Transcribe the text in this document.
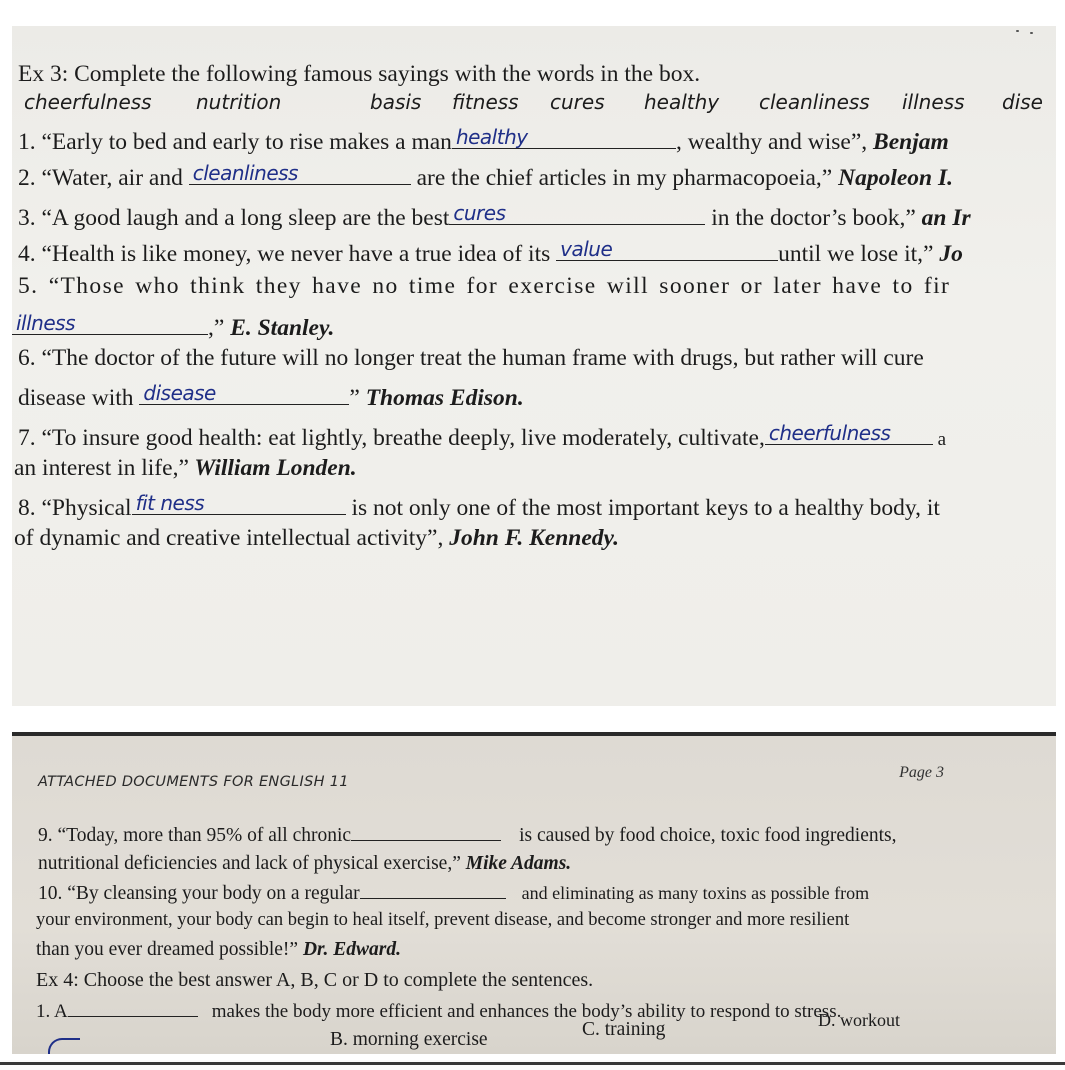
Ex 3: Complete the following famous sayings with the words in the box.
cheerfulness nutrition	basis fitness cures healthy cleanliness illness dise
1. “Early to bed and early to rise makes a man healthy	, wealthy and wise”, Benjam
2. “Water, air and cleanliness	are the chief articles in my pharmacopoeia,” Napoleon I.
3. “A good laugh and a long sleep are the best cures	in the doctor’s book,” an Ir
4. “Health is like money, we never have a true idea of its value	until we lose it,” Jo
5. “Those who think they have no time for exercise will sooner or later have to fir
illness	,” E. Stanley.
6. “The doctor of the future will no longer treat the human frame with drugs, but rather will cure
disease with disease	” Thomas Edison.
7. “To insure good health: eat lightly, breathe deeply, live moderately, cultivate, cheerfulness a
an interest in life,” William Londen.
8. “Physical fit ness	is not only one of the most important keys to a healthy body, it
of dynamic and creative intellectual activity”, John F. Kennedy.
ATTACHED DOCUMENTS FOR ENGLISH 11
Page 3
9. “Today, more than 95% of all chronic	is caused by food choice, toxic food ingredients,
nutritional deficiencies and lack of physical exercise,” Mike Adams.
10. “By cleansing your body on a regular	and eliminating as many toxins as possible from
your environment, your body can begin to heal itself, prevent disease, and become stronger and more resilient
than you ever dreamed possible!” Dr. Edward.
Ex 4: Choose the best answer A, B, C or D to complete the sentences.
1. A	makes the body more efficient and enhances the body’s ability to respond to stress.
B. morning exercise	C. training	D. workout
